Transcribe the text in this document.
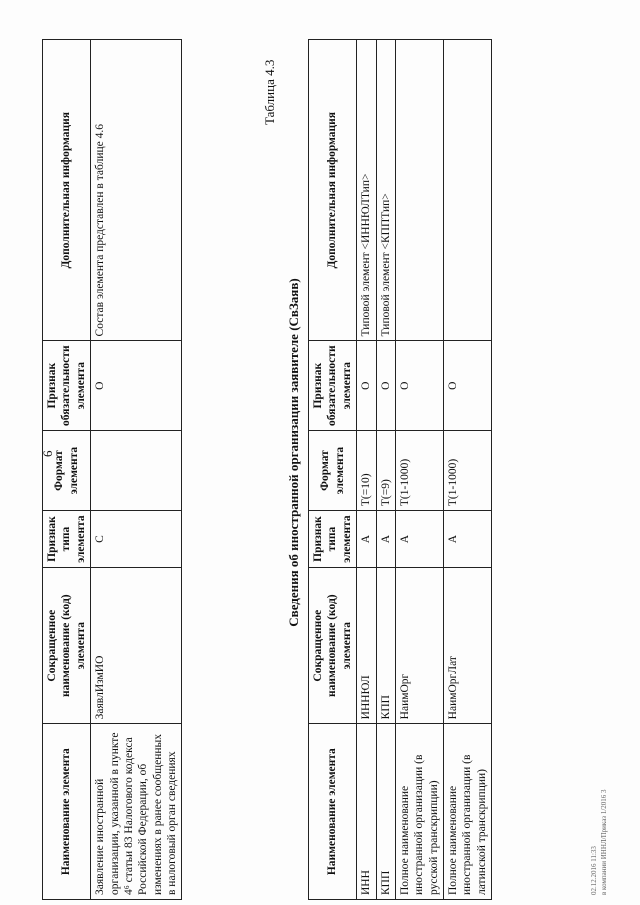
6
Наименование элемента	Сокращенное наименование (код) элемента	Признак типа элемента	Формат элемента	Признак обязательности элемента	Дополнительная информация
Заявление иностранной организации, указанной в пункте 4⁶ статьи 83 Налогового кодекса Российской Федерации, об изменениях в ранее сообщенных в налоговый орган сведениях	ЗаявлИзмИО	С		О	Состав элемента представлен в таблице 4.6
Таблица 4.3
Сведения об иностранной организации заявителе (СвЗаяв)
Наименование элемента	Сокращенное наименование (код) элемента	Признак типа элемента	Формат элемента	Признак обязательности элемента	Дополнительная информация
ИНН	ИННЮЛ	А	T(=10)	О	Типовой элемент <ИННЮЛТип>
КПП	КПП	А	T(=9)	О	Типовой элемент <КППТип>
Полное наименование иностранной организации (в русской транскрипции)	НаимОрг	А	T(1-1000)	О	
Полное наименование иностранной организации (в латинской транскрипции)	НаимОргЛат	А	T(1-1000)	О	
02.12.2016 11:33 в компании ИННЛ/Приказ 1/2016 3
